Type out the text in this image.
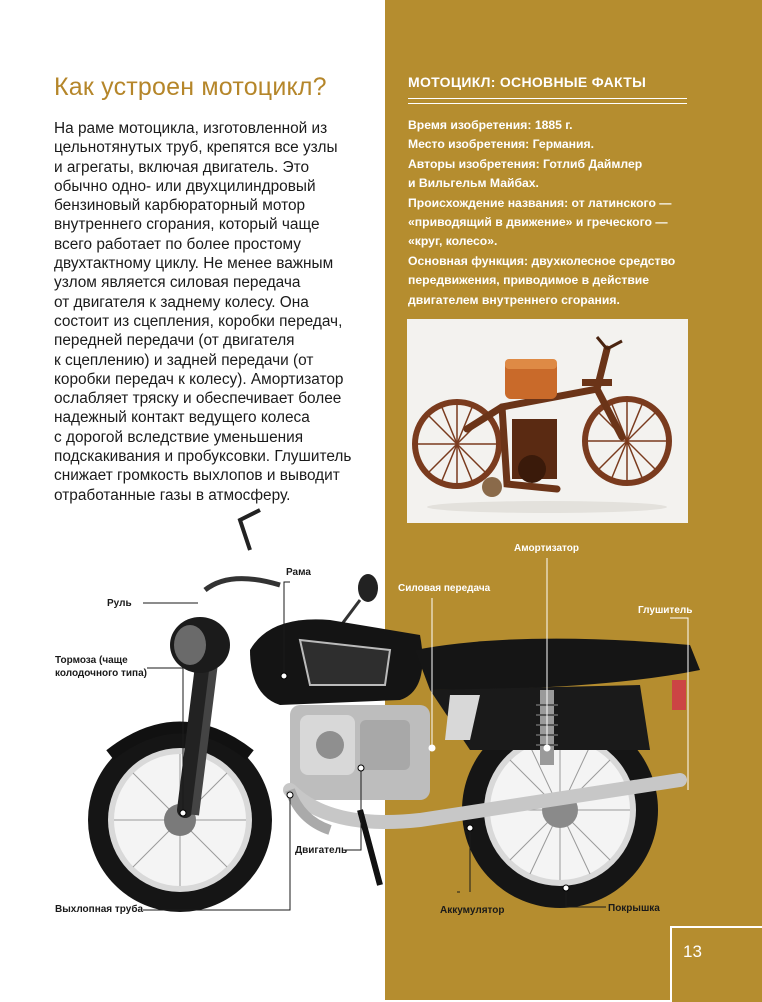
Как устроен мотоцикл?
На раме мотоцикла, изготовленной из
цельнотянутых труб, крепятся все узлы
и агрегаты, включая двигатель. Это
обычно одно- или двухцилиндровый
бензиновый карбюраторный мотор
внутреннего сгорания, который чаще
всего работает по более простому
двухтактному циклу. Не менее важным
узлом является силовая передача
от двигателя к заднему колесу. Она
состоит из сцепления, коробки передач,
передней передачи (от двигателя
к сцеплению) и задней передачи (от
коробки передач к колесу). Амортизатор
ослабляет тряску и обеспечивает более
надежный контакт ведущего колеса
с дорогой вследствие уменьшения
подскакивания и пробуксовки. Глушитель
снижает громкость выхлопов и выводит
отработанные газы в атмосферу.
МОТОЦИКЛ: ОСНОВНЫЕ ФАКТЫ
Время изобретения: 1885 г.
Место изобретения: Германия.
Авторы изобретения: Готлиб Даймлер
и Вильгельм Майбах.
Происхождение названия: от латинского —
«приводящий в движение» и греческого —
«круг, колесо».
Основная функция: двухколесное средство
передвижения, приводимое в действие
двигателем внутреннего сгорания.
Рама
Руль
Тормоза (чаще
колодочного типа)
Двигатель
Выхлопная труба
Силовая передача
Амортизатор
Глушитель
Аккумулятор	Покрышка
13
